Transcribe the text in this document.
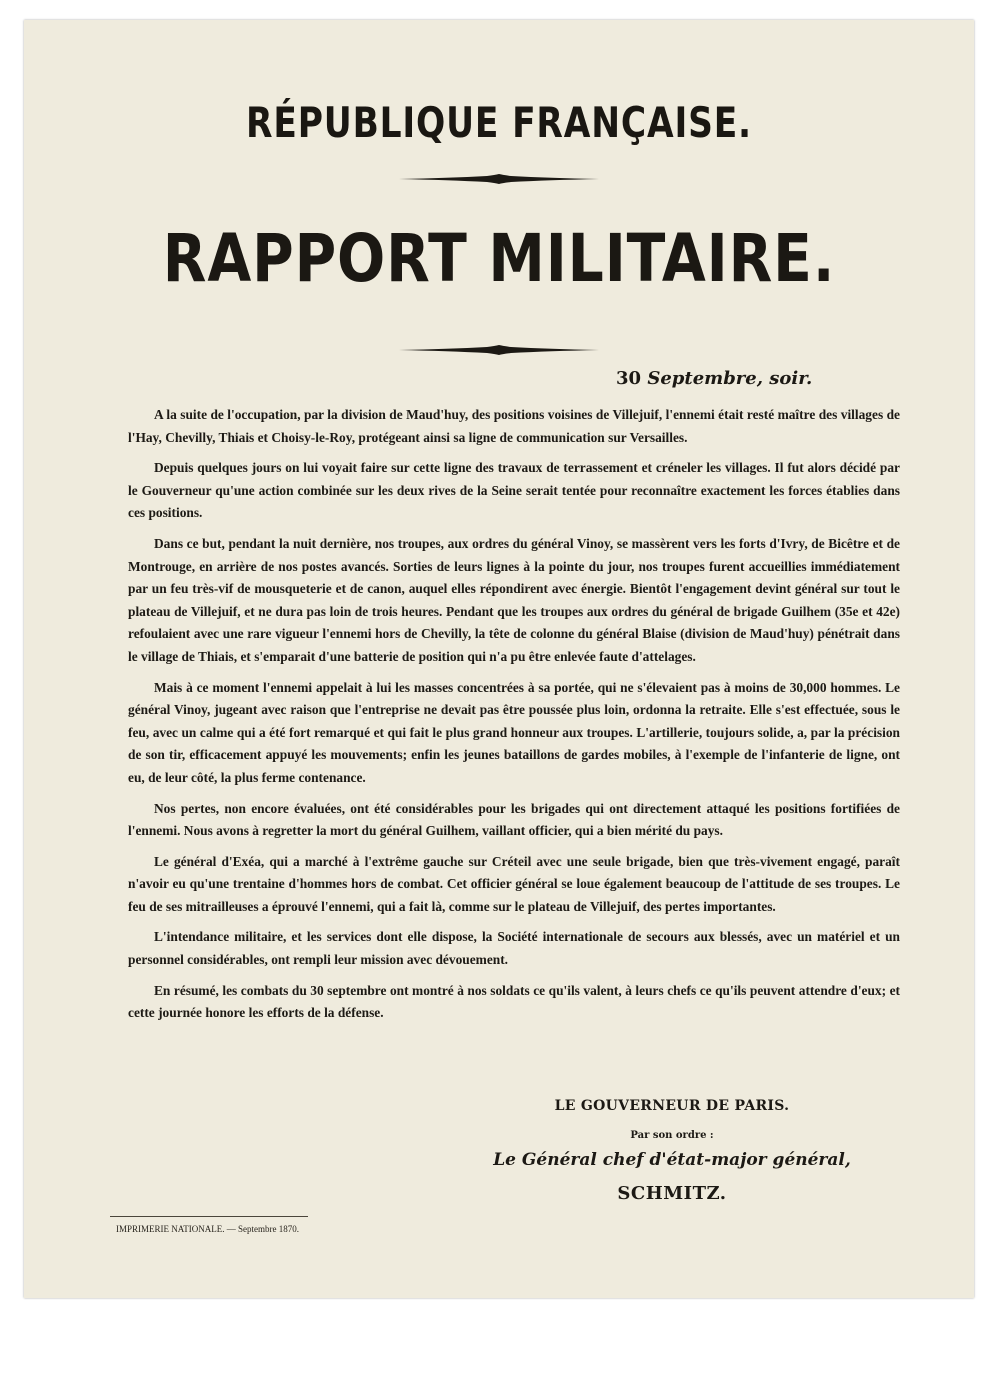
RÉPUBLIQUE FRANÇAISE.
RAPPORT MILITAIRE.
30 Septembre, soir.

A la suite de l'occupation, par la division de Maud'huy, des positions voisines de Villejuif, l'ennemi était resté maître des villages de l'Hay, Chevilly, Thiais et Choisy-le-Roy, protégeant ainsi sa ligne de communication sur Versailles.

Depuis quelques jours on lui voyait faire sur cette ligne des travaux de terrassement et créneler les villages. Il fut alors décidé par le Gouverneur qu'une action combinée sur les deux rives de la Seine serait tentée pour reconnaître exactement les forces établies dans ces positions.

Dans ce but, pendant la nuit dernière, nos troupes, aux ordres du général Vinoy, se massèrent vers les forts d'Ivry, de Bicêtre et de Montrouge, en arrière de nos postes avancés. Sorties de leurs lignes à la pointe du jour, nos troupes furent accueillies immédiatement par un feu très-vif de mousqueterie et de canon, auquel elles répondirent avec énergie. Bientôt l'engagement devint général sur tout le plateau de Villejuif, et ne dura pas loin de trois heures. Pendant que les troupes aux ordres du général de brigade Guilhem (35e et 42e) refoulaient avec une rare vigueur l'ennemi hors de Chevilly, la tête de colonne du général Blaise (division de Maud'huy) pénétrait dans le village de Thiais, et s'emparait d'une batterie de position qui n'a pu être enlevée faute d'attelages.

Mais à ce moment l'ennemi appelait à lui les masses concentrées à sa portée, qui ne s'élevaient pas à moins de 30,000 hommes. Le général Vinoy, jugeant avec raison que l'entreprise ne devait pas être poussée plus loin, ordonna la retraite. Elle s'est effectuée, sous le feu, avec un calme qui a été fort remarqué et qui fait le plus grand honneur aux troupes. L'artillerie, toujours solide, a, par la précision de son tir, efficacement appuyé les mouvements; enfin les jeunes bataillons de gardes mobiles, à l'exemple de l'infanterie de ligne, ont eu, de leur côté, la plus ferme contenance.

Nos pertes, non encore évaluées, ont été considérables pour les brigades qui ont directement attaqué les positions fortifiées de l'ennemi. Nous avons à regretter la mort du général Guilhem, vaillant officier, qui a bien mérité du pays.

Le général d'Exéa, qui a marché à l'extrême gauche sur Créteil avec une seule brigade, bien que très-vivement engagé, paraît n'avoir eu qu'une trentaine d'hommes hors de combat. Cet officier général se loue également beaucoup de l'attitude de ses troupes. Le feu de ses mitrailleuses a éprouvé l'ennemi, qui a fait là, comme sur le plateau de Villejuif, des pertes importantes.

L'intendance militaire, et les services dont elle dispose, la Société internationale de secours aux blessés, avec un matériel et un personnel considérables, ont rempli leur mission avec dévouement.

En résumé, les combats du 30 septembre ont montré à nos soldats ce qu'ils valent, à leurs chefs ce qu'ils peuvent attendre d'eux; et cette journée honore les efforts de la défense.

LE GOUVERNEUR DE PARIS.
Par son ordre :
Le Général chef d'état-major général,
SCHMITZ.
IMPRIMERIE NATIONALE. — Septembre 1870.
